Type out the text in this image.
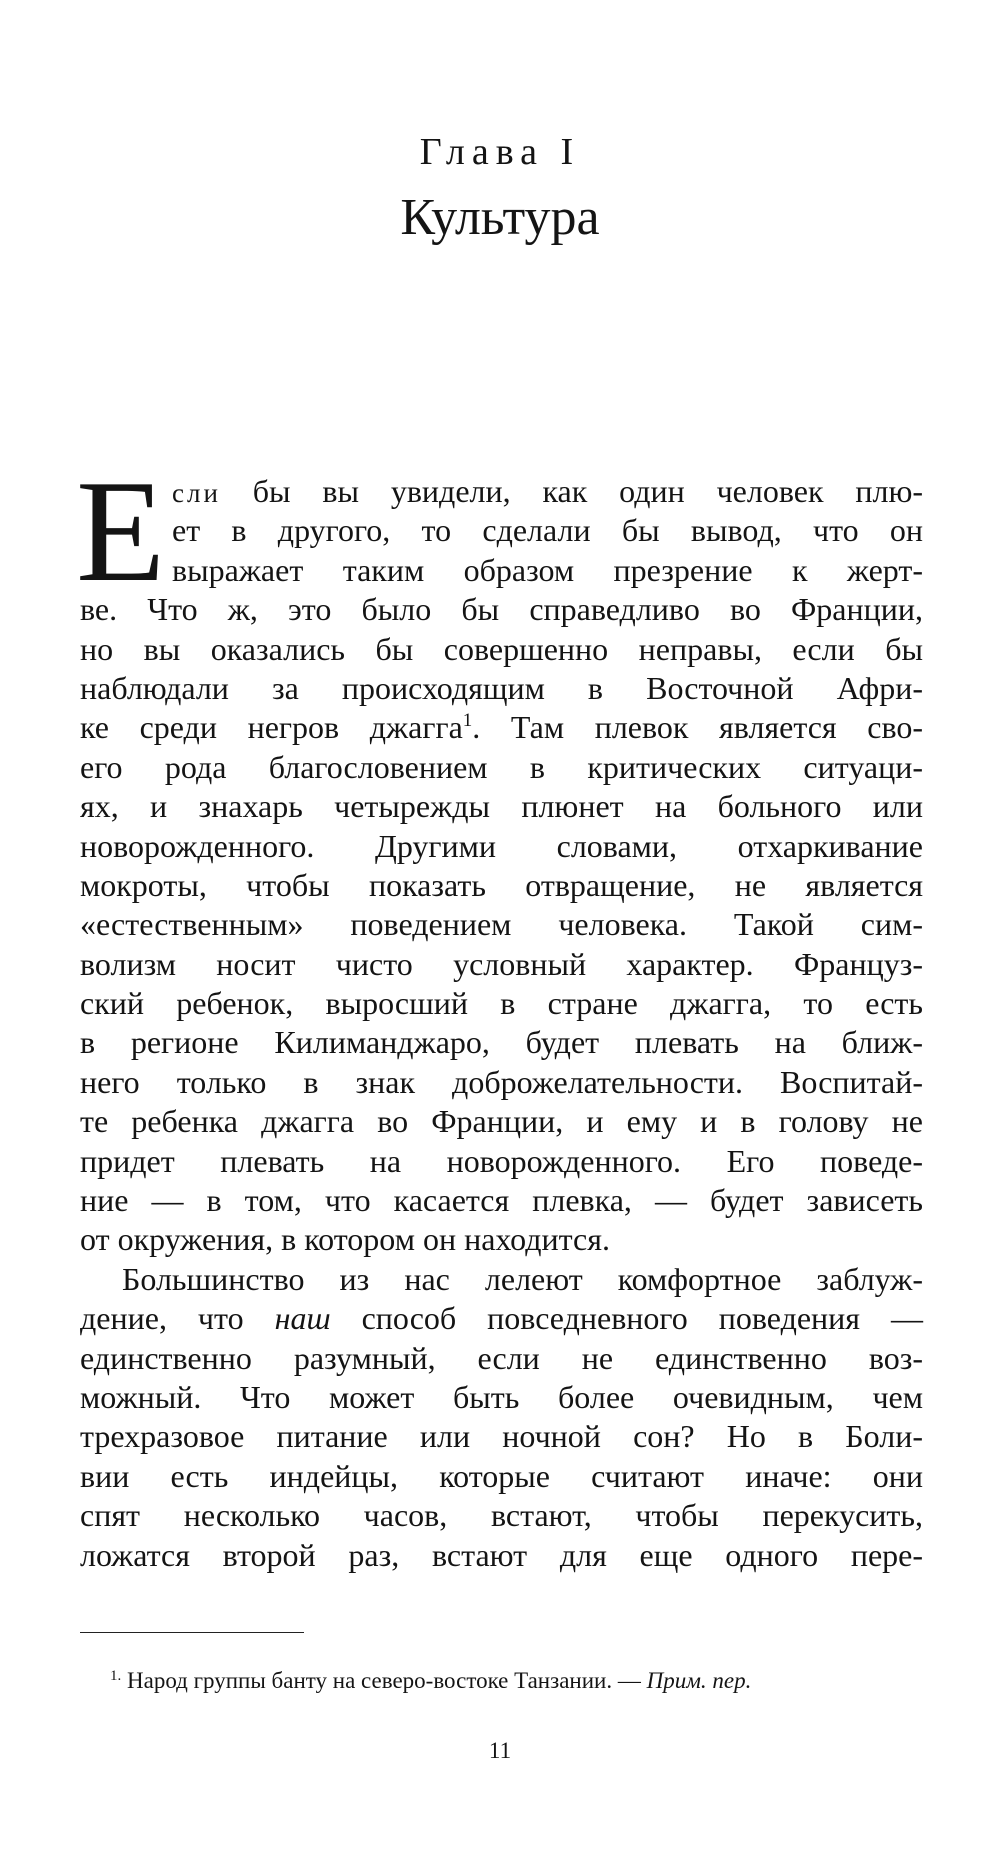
Глава I
Культура
Е сли бы вы увидели, как один человек плю-
ет в другого, то сделали бы вывод, что он
выражает таким образом презрение к жерт-
ве. Что ж, это было бы справедливо во Франции,
но вы оказались бы совершенно неправы, если бы
наблюдали за происходящим в Восточной Афри-
ке среди негров джагга$^1$. Там плевок является сво-
его рода благословением в критических ситуаци-
ях, и знахарь четырежды плюнет на больного или
новорожденного. Другими словами, отхаркивание
мокроты, чтобы показать отвращение, не является
«естественным» поведением человека. Такой сим-
волизм носит чисто условный характер. Француз-
ский ребенок, выросший в стране джагга, то есть
в регионе Килиманджаро, будет плевать на ближ-
него только в знак доброжелательности. Воспитай-
те ребенка джагга во Франции, и ему и в голову не
придет плевать на новорожденного. Его поведе-
ние — в том, что касается плевка, — будет зависеть
от окружения, в котором он находится.
Большинство из нас лелеют комфортное заблуж-
дение, что наш способ повседневного поведения —
единственно разумный, если не единственно воз-
можный. Что может быть более очевидным, чем
трехразовое питание или ночной сон? Но в Боли-
вии есть индейцы, которые считают иначе: они
спят несколько часов, встают, чтобы перекусить,
ложатся второй раз, встают для еще одного пере-
$^{1.}$ Народ группы банту на северо-востоке Танзании. — Прим. пер.
11
